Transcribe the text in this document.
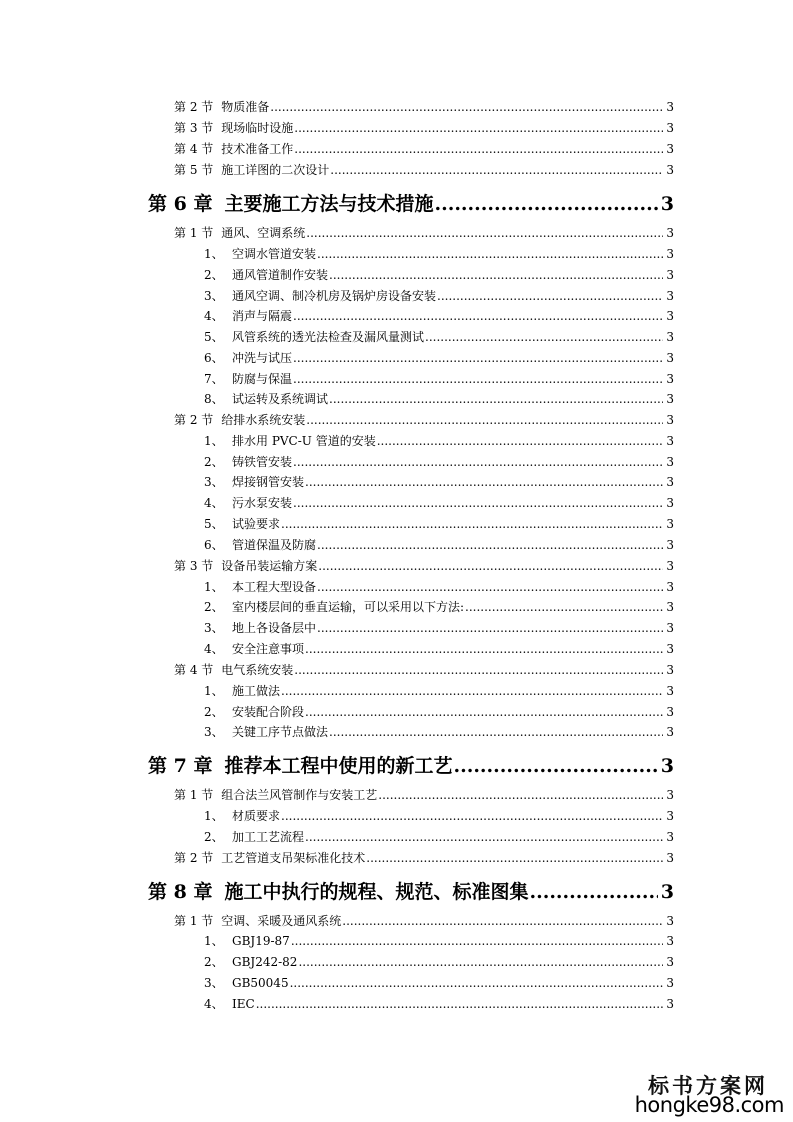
第 2 节 物质准备 .....	3
第 3 节 现场临时设施 .....	3
第 4 节 技术准备工作 .....	3
第 5 节 施工详图的二次设计 .....	3
第 6 章 主要施工方法与技术措施 .....	3
第 1 节 通风、空调系统 .....	3
1、 空调水管道安装 .....	3
2、 通风管道制作安装 .....	3
3、 通风空调、制冷机房及锅炉房设备安装 .....	3
4、 消声与隔震 .....	3
5、 风管系统的透光法检查及漏风量测试 .....	3
6、 冲洗与试压 .....	3
7、 防腐与保温 .....	3
8、 试运转及系统调试 .....	3
第 2 节 给排水系统安装 .....	3
1、 排水用 PVC-U 管道的安装 .....	3
2、 铸铁管安装 .....	3
3、 焊接钢管安装 .....	3
4、 污水泵安装 .....	3
5、 试验要求 .....	3
6、 管道保温及防腐 .....	3
第 3 节 设备吊装运输方案 .....	3
1、 本工程大型设备 .....	3
2、 室内楼层间的垂直运输，可以采用以下方法: .....	3
3、 地上各设备层中 .....	3
4、 安全注意事项 .....	3
第 4 节 电气系统安装 .....	3
1、 施工做法 .....	3
2、 安装配合阶段 .....	3
3、 关键工序节点做法 .....	3
第 7 章 推荐本工程中使用的新工艺 .....	3
第 1 节 组合法兰风管制作与安装工艺 .....	3
1、 材质要求 .....	3
2、 加工工艺流程 .....	3
第 2 节 工艺管道支吊架标准化技术 .....	3
第 8 章 施工中执行的规程、规范、标准图集 .....	3
第 1 节 空调、采暖及通风系统 .....	3
1、 GBJ19-87 .....	3
2、 GBJ242-82 .....	3
3、 GB50045 .....	3
4、 IEC .....	3
标书方案网
hongke98.com
